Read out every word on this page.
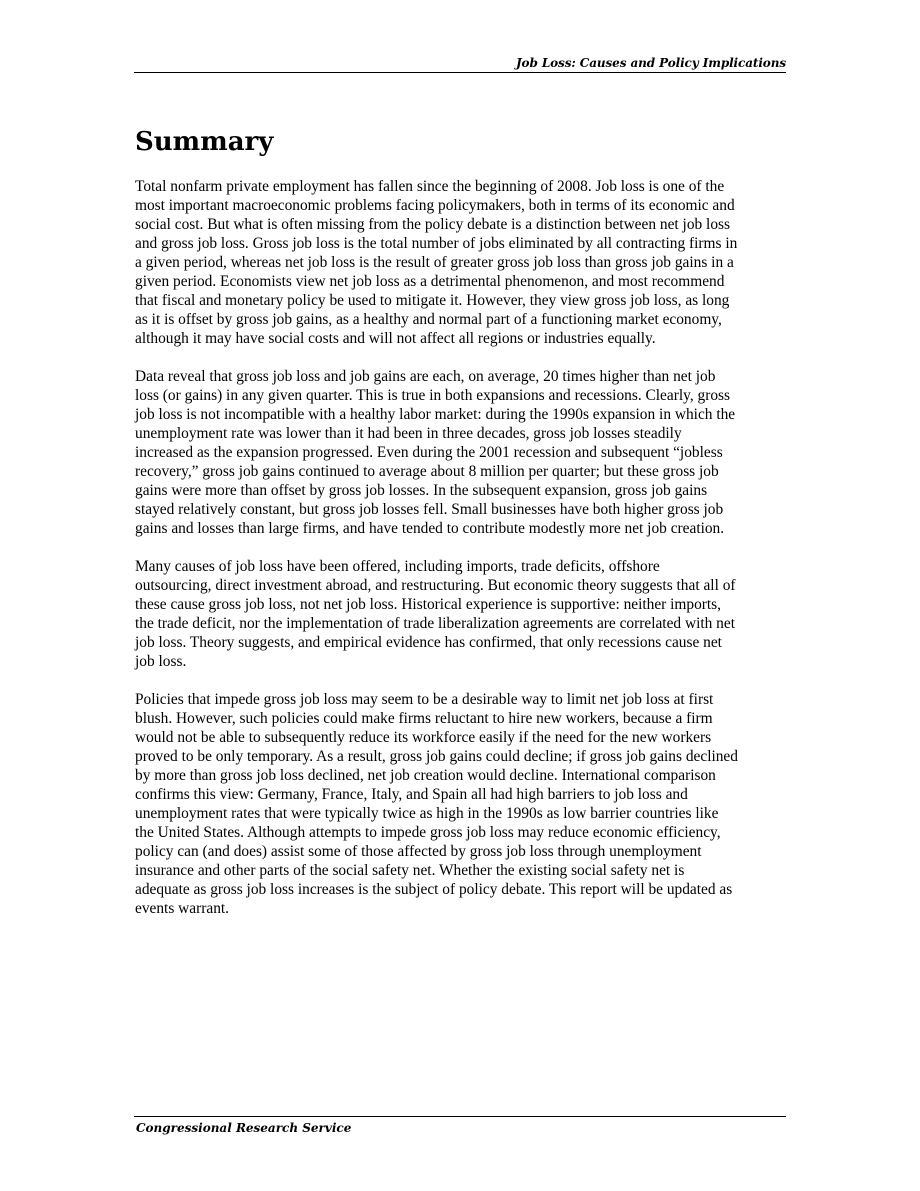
Job Loss: Causes and Policy Implications
Summary

Total nonfarm private employment has fallen since the beginning of 2008. Job loss is one of the
most important macroeconomic problems facing policymakers, both in terms of its economic and
social cost. But what is often missing from the policy debate is a distinction between net job loss
and gross job loss. Gross job loss is the total number of jobs eliminated by all contracting firms in
a given period, whereas net job loss is the result of greater gross job loss than gross job gains in a
given period. Economists view net job loss as a detrimental phenomenon, and most recommend
that fiscal and monetary policy be used to mitigate it. However, they view gross job loss, as long
as it is offset by gross job gains, as a healthy and normal part of a functioning market economy,
although it may have social costs and will not affect all regions or industries equally.

Data reveal that gross job loss and job gains are each, on average, 20 times higher than net job
loss (or gains) in any given quarter. This is true in both expansions and recessions. Clearly, gross
job loss is not incompatible with a healthy labor market: during the 1990s expansion in which the
unemployment rate was lower than it had been in three decades, gross job losses steadily
increased as the expansion progressed. Even during the 2001 recession and subsequent “jobless
recovery,” gross job gains continued to average about 8 million per quarter; but these gross job
gains were more than offset by gross job losses. In the subsequent expansion, gross job gains
stayed relatively constant, but gross job losses fell. Small businesses have both higher gross job
gains and losses than large firms, and have tended to contribute modestly more net job creation.

Many causes of job loss have been offered, including imports, trade deficits, offshore
outsourcing, direct investment abroad, and restructuring. But economic theory suggests that all of
these cause gross job loss, not net job loss. Historical experience is supportive: neither imports,
the trade deficit, nor the implementation of trade liberalization agreements are correlated with net
job loss. Theory suggests, and empirical evidence has confirmed, that only recessions cause net
job loss.

Policies that impede gross job loss may seem to be a desirable way to limit net job loss at first
blush. However, such policies could make firms reluctant to hire new workers, because a firm
would not be able to subsequently reduce its workforce easily if the need for the new workers
proved to be only temporary. As a result, gross job gains could decline; if gross job gains declined
by more than gross job loss declined, net job creation would decline. International comparison
confirms this view: Germany, France, Italy, and Spain all had high barriers to job loss and
unemployment rates that were typically twice as high in the 1990s as low barrier countries like
the United States. Although attempts to impede gross job loss may reduce economic efficiency,
policy can (and does) assist some of those affected by gross job loss through unemployment
insurance and other parts of the social safety net. Whether the existing social safety net is
adequate as gross job loss increases is the subject of policy debate. This report will be updated as
events warrant.

Congressional Research Service
